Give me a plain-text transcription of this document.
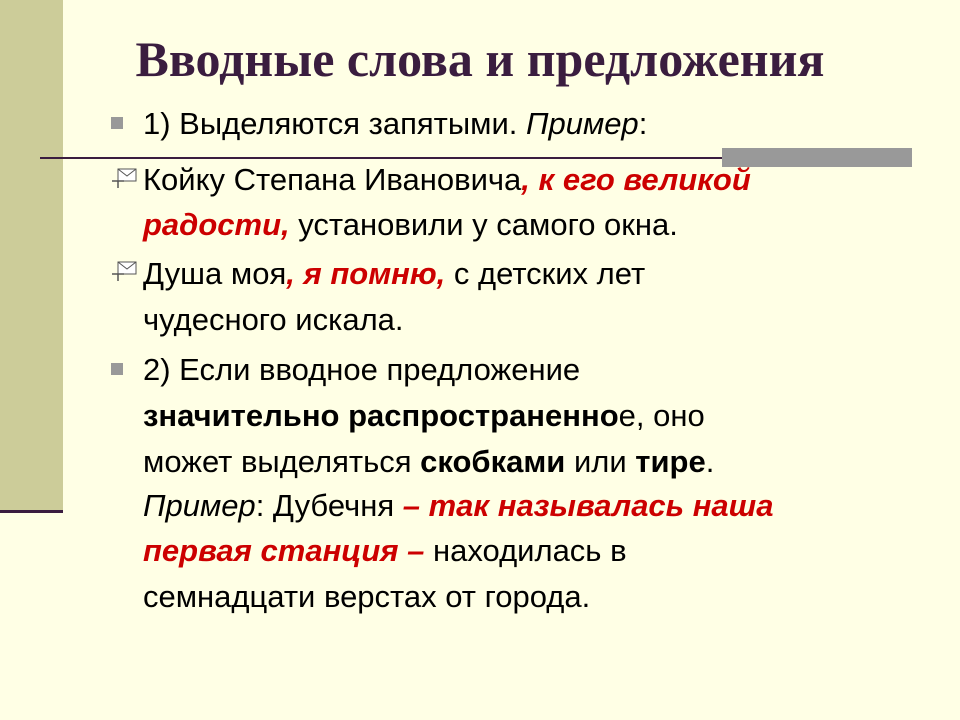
Вводные слова и предложения

1) Выделяются запятыми. Пример:

Койку Степана Ивановича, к его великой

радости, установили у самого окна.

Душа моя, я помню, с детских лет

чудесного искала.

2) Если вводное предложение

значительно распространенное, оно

может выделяться скобками или тире.

Пример: Дубечня – так называлась наша

первая станция – находилась в

семнадцати верстах от города.
